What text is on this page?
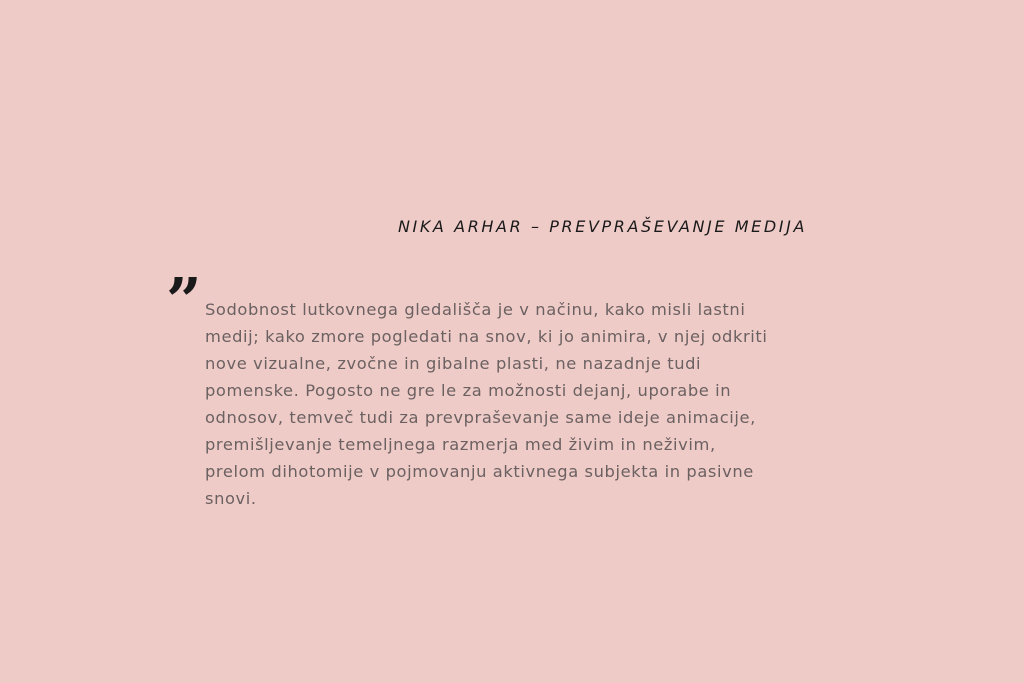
NIKA ARHAR – PREVPRAŠEVANJE MEDIJA
” Sodobnost lutkovnega gledališča je v načinu, kako misli lastni
medij; kako zmore pogledati na snov, ki jo animira, v njej odkriti
nove vizualne, zvočne in gibalne plasti, ne nazadnje tudi
pomenske. Pogosto ne gre le za možnosti dejanj, uporabe in
odnosov, temveč tudi za prevpraševanje same ideje animacije,
premišljevanje temeljnega razmerja med živim in neživim,
prelom dihotomije v pojmovanju aktivnega subjekta in pasivne
snovi.
